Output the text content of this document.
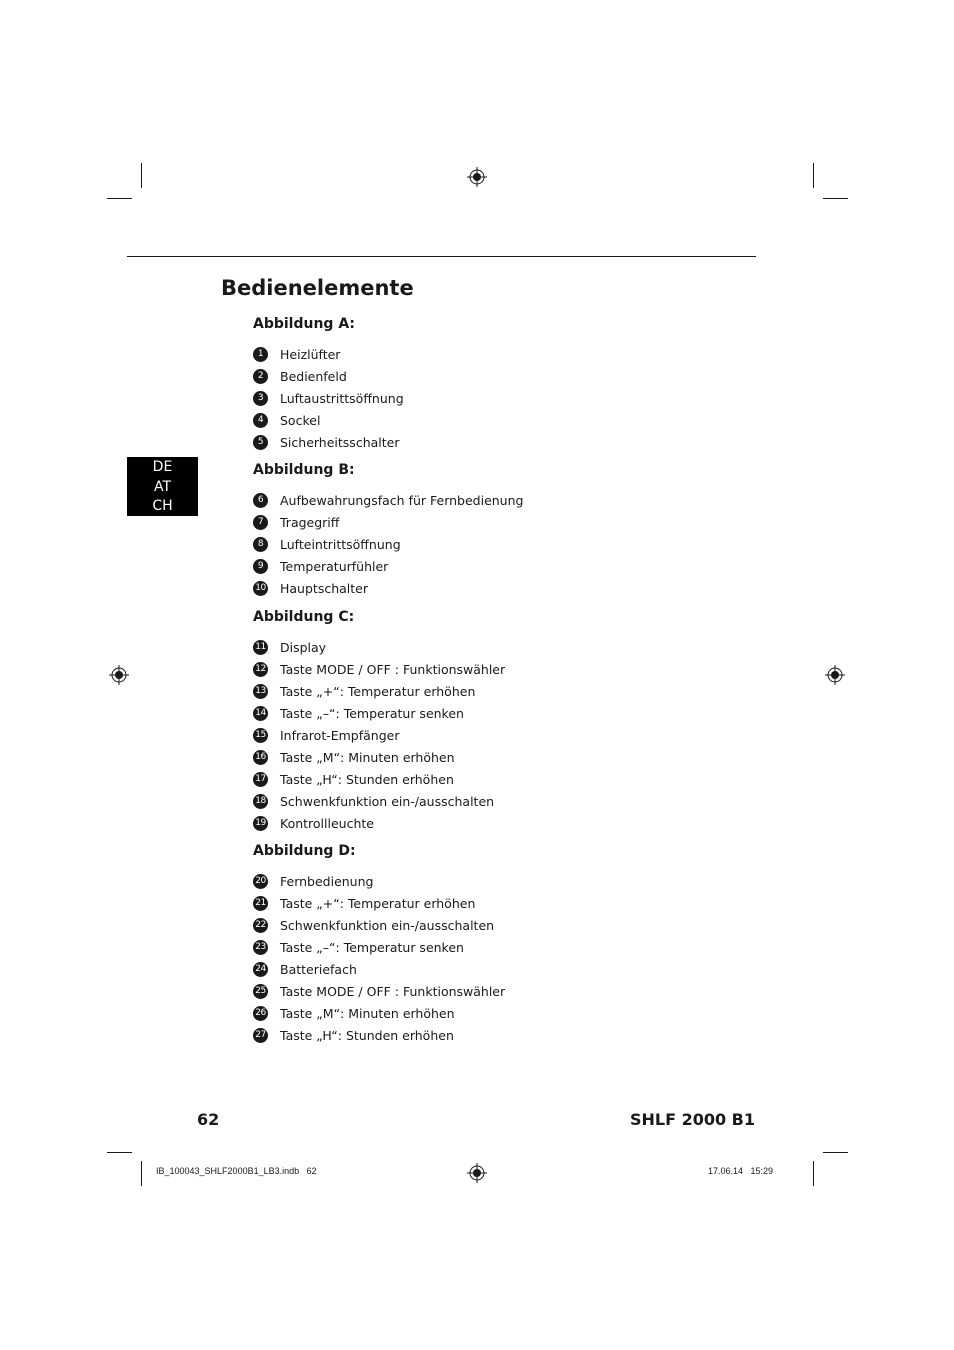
Bedienelemente
DE
AT
CH
Abbildung A:
1	Heizlüfter
2	Bedienfeld
3	Luftaustrittsöffnung
4	Sockel
5	Sicherheitsschalter
Abbildung B:
6	Aufbewahrungsfach für Fernbedienung
7	Tragegriff
8	Lufteintrittsöffnung
9	Temperaturfühler
10 Hauptschalter
Abbildung C:
11 Display
12 Taste MODE / OFF : Funktionswähler
13 Taste „+“: Temperatur erhöhen
14 Taste „–“: Temperatur senken
15 Infrarot-Empfänger
16 Taste „M“: Minuten erhöhen
17 Taste „H“: Stunden erhöhen
18 Schwenkfunktion ein-/ausschalten
19 Kontrollleuchte
Abbildung D:
20 Fernbedienung
21 Taste „+“: Temperatur erhöhen
22 Schwenkfunktion ein-/ausschalten
23 Taste „–“: Temperatur senken
24 Batteriefach
25 Taste MODE / OFF : Funktionswähler
26 Taste „M“: Minuten erhöhen
27 Taste „H“: Stunden erhöhen
62	SHLF 2000 B1
IB_100043_SHLF2000B1_LB3.indb   62	17.06.14   15:29
